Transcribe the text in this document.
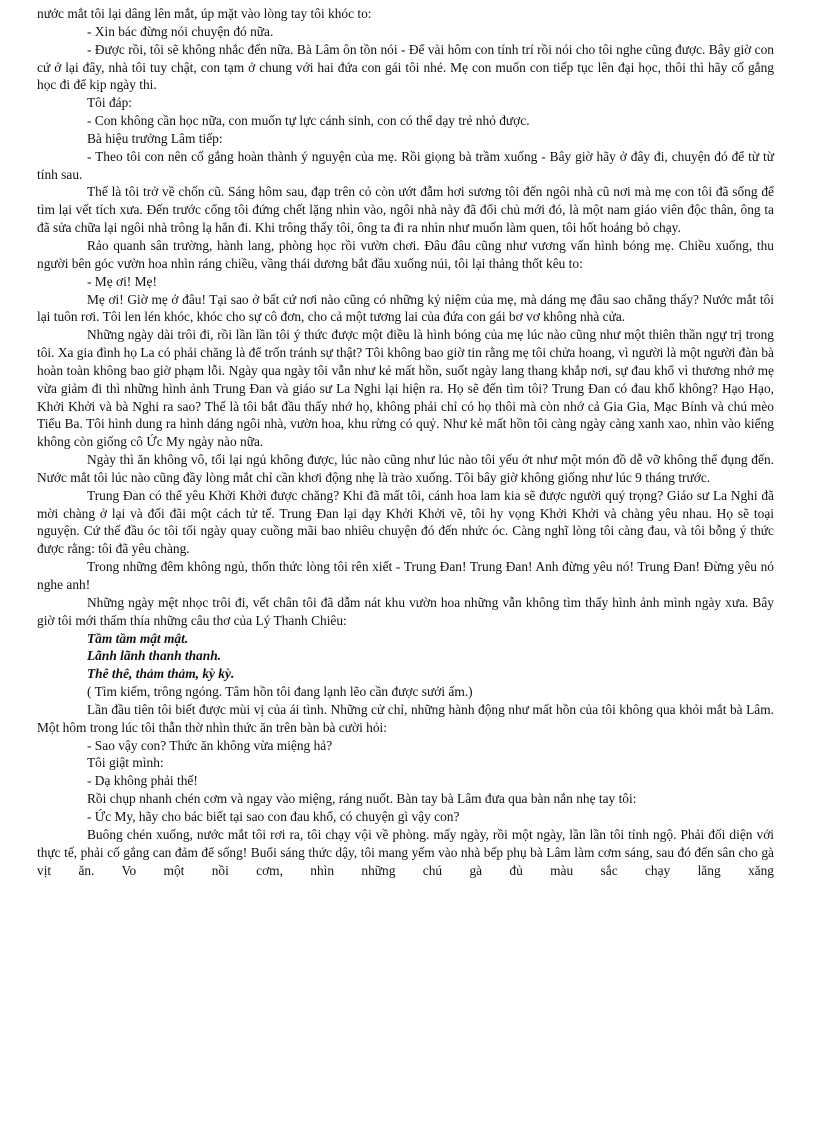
nước mắt tôi lại dâng lên mắt, úp mặt vào lòng tay tôi khóc to:

- Xin bác đừng nói chuyện đó nữa.

- Được rồi, tôi sẽ không nhắc đến nữa. Bà Lâm ôn tồn nói - Để vài hôm con tính trí rồi nói cho tôi nghe cũng được. Bây giờ con cứ ở lại đây, nhà tôi tuy chật, con tạm ở chung với hai đứa con gái tôi nhé. Mẹ con muốn con tiếp tục lên đại học, thôi thì hãy cố gắng học đi để kịp ngày thi.

Tôi đáp:

- Con không cần học nữa, con muốn tự lực cánh sinh, con có thể dạy trẻ nhỏ được.

Bà hiệu trưởng Lâm tiếp:

- Theo tôi con nên cố gắng hoàn thành ý nguyện của mẹ. Rồi giọng bà trầm xuống - Bây giờ hãy ở đây đi, chuyện đó để từ từ tính sau.

Thế là tôi trở về chốn cũ. Sáng hôm sau, đạp trên cỏ còn ướt đẫm hơi sương tôi đến ngôi nhà cũ nơi mà mẹ con tôi đã sống để tìm lại vết tích xưa. Đến trước cổng tôi đứng chết lặng nhìn vào, ngôi nhà này đã đổi chủ mới đó, là một nam giáo viên độc thân, ông ta đã sửa chữa lại ngôi nhà trông lạ hẳn đi. Khi trông thấy tôi, ông ta đi ra nhìn như muốn làm quen, tôi hốt hoảng bỏ chạy.

Rảo quanh sân trường, hành lang, phòng học rồi vườn chơi. Đâu đâu cũng như vương vấn hình bóng mẹ. Chiều xuống, thu người bên góc vườn hoa nhìn ráng chiều, vầng thái dương bắt đầu xuống núi, tôi lại thảng thốt kêu to:

- Mẹ ơi! Mẹ!

Mẹ ơi! Giờ mẹ ở đâu! Tại sao ở bất cứ nơi nào cũng có những kỷ niệm của mẹ, mà dáng mẹ đâu sao chẳng thấy? Nước mắt tôi lại tuôn rơi. Tôi len lén khóc, khóc cho sự cô đơn, cho cả một tương lai của đứa con gái bơ vơ không nhà cửa.

Những ngày dài trôi đi, rồi lần lần tôi ý thức được một điều là hình bóng của mẹ lúc nào cũng như một thiên thần ngự trị trong tôi. Xa gia đình họ La có phải chăng là để trốn tránh sự thật? Tôi không bao giờ tin rằng mẹ tôi chửa hoang, vì người là một người đàn bà hoàn toàn không bao giờ phạm lỗi. Ngày qua ngày tôi vẫn như kẻ mất hồn, suốt ngày lang thang khắp nơi, sự đau khổ vì thương nhớ mẹ vừa giảm đi thì những hình ảnh Trung Đan và giáo sư La Nghi lại hiện ra. Họ sẽ đến tìm tôi? Trung Đan có đau khổ không? Hạo Hạo, Khởi Khởi và bà Nghi ra sao? Thế là tôi bắt đầu thấy nhớ họ, không phải chỉ có họ thôi mà còn nhớ cả Gia Gia, Mạc Bính và chú mèo Tiểu Ba. Tôi hình dung ra hình dáng ngôi nhà, vườn hoa, khu rừng có quỷ. Như kẻ mất hồn tôi càng ngày càng xanh xao, nhìn vào kiếng không còn giống cô Ức My ngày nào nữa.

Ngày thì ăn không vô, tối lại ngủ không được, lúc nào cũng như lúc nào tôi yếu ớt như một món đồ dễ vỡ không thể đụng đến. Nước mắt tôi lúc nào cũng đầy lòng mắt chỉ cần khơi động nhẹ là trào xuống. Tôi bây giờ không giống như lúc 9 tháng trước.

Trung Đan có thể yêu Khởi Khởi được chăng? Khi đã mất tôi, cánh hoa lam kia sẽ được người quý trọng? Giáo sư La Nghi đã mời chàng ở lại và đối đãi một cách tử tế. Trung Đan lại dạy Khởi Khởi vẽ, tôi hy vọng Khởi Khởi và chàng yêu nhau. Họ sẽ toại nguyện. Cứ thế đầu óc tôi tối ngày quay cuồng mãi bao nhiêu chuyện đó đến nhức óc. Càng nghĩ lòng tôi càng đau, và tôi bỗng ý thức được rằng: tôi đã yêu chàng.

Trong những đêm không ngủ, thổn thức lòng tôi rên xiết - Trung Đan! Trung Đan! Anh đừng yêu nó! Trung Đan! Đừng yêu nó nghe anh!

Những ngày mệt nhọc trôi đi, vết chân tôi đã dẫm nát khu vườn hoa những vẫn không tìm thấy hình ảnh mình ngày xưa. Bây giờ tôi mới thấm thía những câu thơ của Lý Thanh Chiêu:

Tầm tầm mật mật.

Lãnh lãnh thanh thanh.

Thê thê, thảm thảm, kỳ kỳ.

( Tìm kiếm, trông ngóng. Tâm hồn tôi đang lạnh lẽo cần được sưởi ấm.)

Lần đầu tiên tôi biết được mùi vị của ái tình. Những cử chỉ, những hành động như mất hồn của tôi không qua khỏi mắt bà Lâm. Một hôm trong lúc tôi thẫn thờ nhìn thức ăn trên bàn bà cười hỏi:

- Sao vậy con? Thức ăn không vừa miệng hả?

Tôi giật mình:

- Dạ không phải thế!

Rồi chụp nhanh chén cơm và ngay vào miệng, ráng nuốt. Bàn tay bà Lâm đưa qua bàn nắn nhẹ tay tôi:

- Ức My, hãy cho bác biết tại sao con đau khổ, có chuyện gì vậy con?

Buông chén xuống, nước mắt tôi rơi ra, tôi chạy vội về phòng. mấy ngày, rồi một ngày, lần lần tôi tỉnh ngộ. Phải đối diện với thực tế, phải cố gắng can đảm để sống! Buổi sáng thức dậy, tôi mang yếm vào nhà bếp phụ bà Lâm làm cơm sáng, sau đó đến sân cho gà vịt ăn. Vo một nồi cơm, nhìn những chú gà đủ màu sắc chạy lăng xăng
